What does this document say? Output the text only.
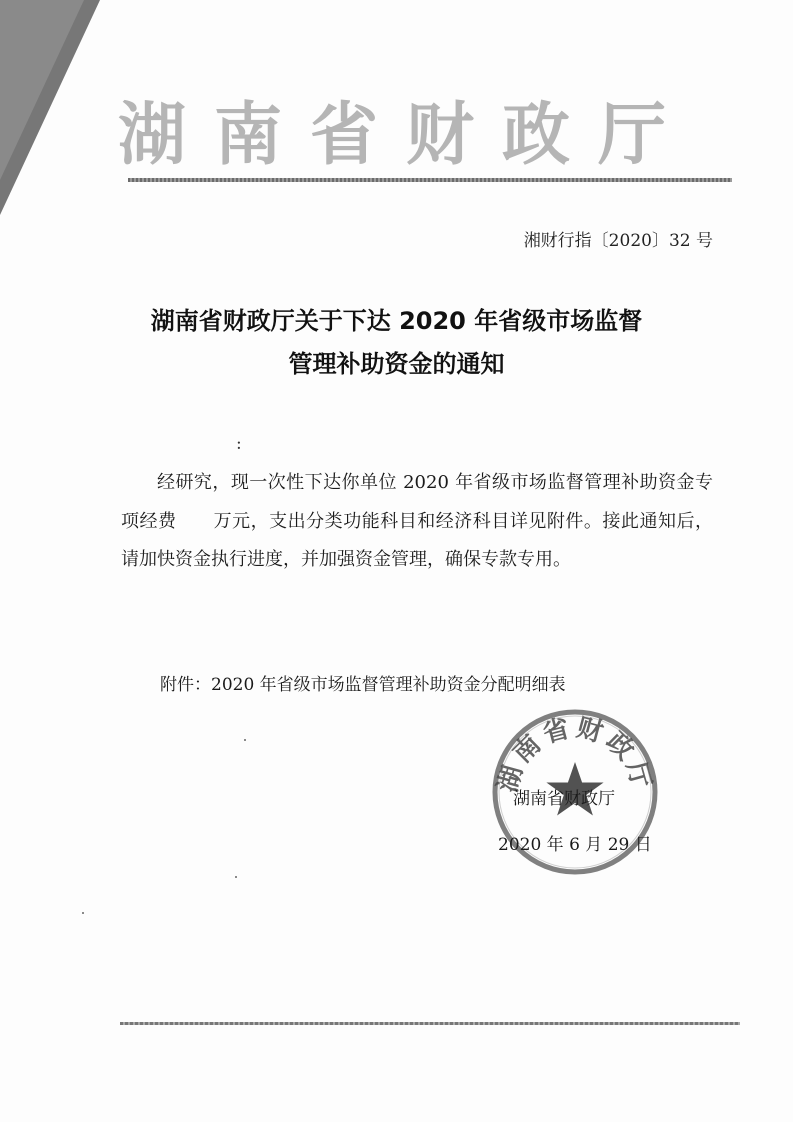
湖南省财政厅
湘财行指〔2020〕32 号
湖南省财政厅关于下达 2020 年省级市场监督
管理补助资金的通知
:
经研究，现一次性下达你单位 2020 年省级市场监督管理补助资金专项经费　　万元，支出分类功能科目和经济科目详见附件。接此通知后，请加快资金执行进度，并加强资金管理，确保专款专用。
附件：2020 年省级市场监督管理补助资金分配明细表
湖南省财政厅
湖南省财政厅
2020 年 6 月 29 日
